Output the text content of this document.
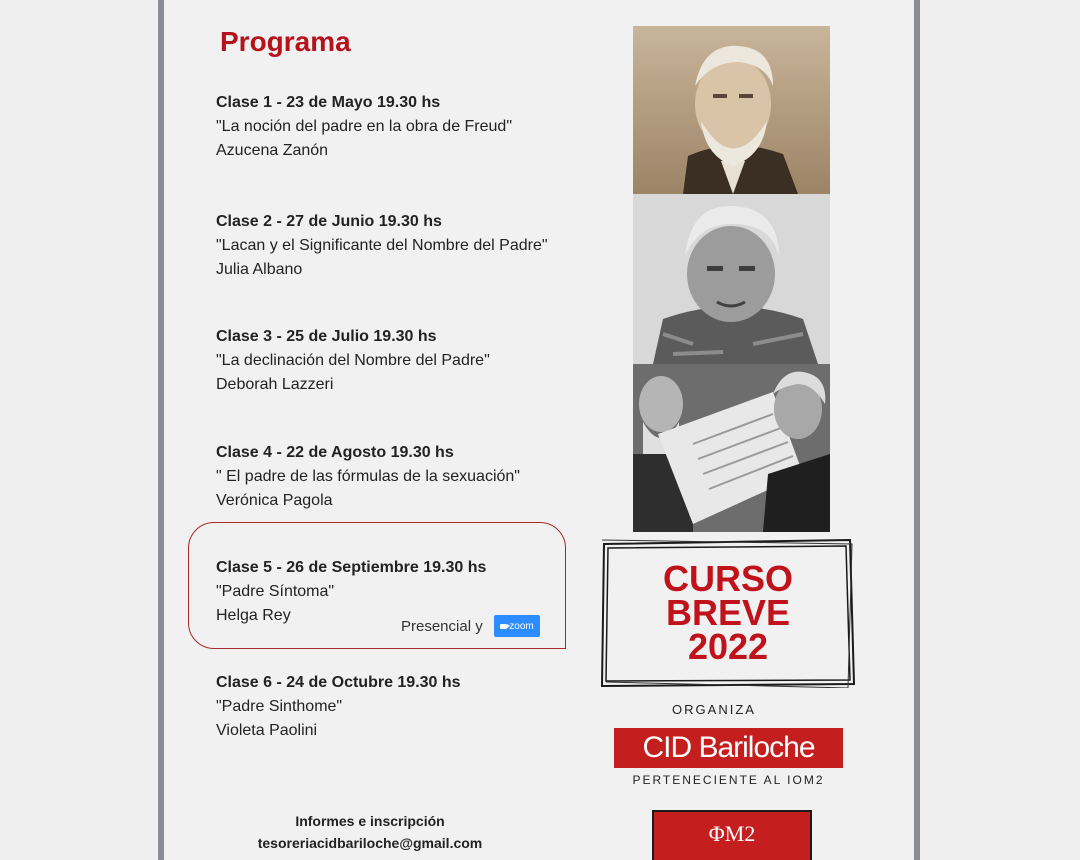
Programa
Clase 1 - 23 de Mayo 19.30 hs
"La noción del padre en la obra de Freud"
Azucena Zanón
Clase 2 - 27 de Junio 19.30 hs
"Lacan y el Significante del Nombre del Padre"
Julia Albano
Clase 3 - 25 de Julio 19.30 hs
"La declinación del Nombre del Padre"
Deborah Lazzeri
Clase 4 - 22 de Agosto 19.30 hs
" El padre de las fórmulas de la sexuación"
Verónica Pagola
Clase 5 - 26 de Septiembre 19.30 hs
"Padre Síntoma"
Helga Rey
Presencial y	zoom
Clase 6 - 24 de Octubre 19.30 hs
"Padre Sinthome"
Violeta Paolini
CURSO
BREVE
2022
ORGANIZA
CID Bariloche
PERTENECIENTE AL IOM2
ΦM2
Informes e inscripción
tesoreriacidbariloche@gmail.com
